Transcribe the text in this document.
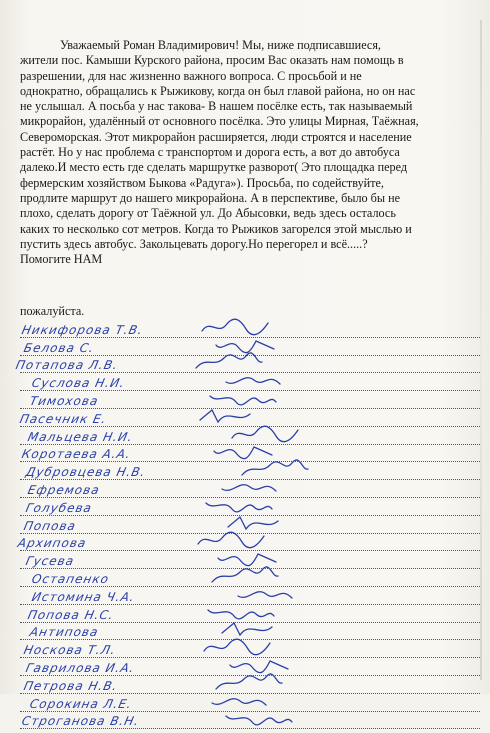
Уважаемый Роман Владимирович! Мы, ниже подписавшиеся, жители пос. Камыши Курского района, просим Вас оказать нам помощь в разрешении, для нас жизненно важного вопроса. С просьбой и не однократно, обращались к Рыжикову, когда он был главой района, но он нас не услышал. А посьба у нас такова- В нашем посёлке есть, так называемый микрорайон, удалённый от основного посёлка. Это улицы Мирная, Таёжная, Североморская. Этот микрорайон расширяется, люди строятся и население растёт. Но у нас проблема с транспортом и дорога есть, а вот до автобуса далеко.И место есть где сделать маршрутке разворот( Это площадка перед фермерским хозяйством Быкова «Радуга»). Просьба, по содействуйте, продлите маршрут до нашего микрорайона. А в перспективе, было бы не плохо, сделать дорогу от Таёжной ул. До Абысовки, ведь здесь осталось каких то несколько сот метров. Когда то Рыжиков загорелся этой мыслью и пустить здесь автобус. Закольцевать дорогу.Но перегорел и всё.....? Помогите НАМ

пожалуйста.
Никифорова Т.В.
Белова С.
Потапова Л.В.
Суслова Н.И.
Тимохова
Пасечник Е.
Мальцева Н.И.
Коротаева А.А.
Дубровцева Н.В.
Ефремова
Голубева
Попова
Архипова
Гусева
Остапенко
Истомина Ч.А.
Попова Н.С.
Антипова
Носкова Т.Л.
Гаврилова И.А.
Петрова Н.В.
Сорокина Л.Е.
Строганова В.Н.
